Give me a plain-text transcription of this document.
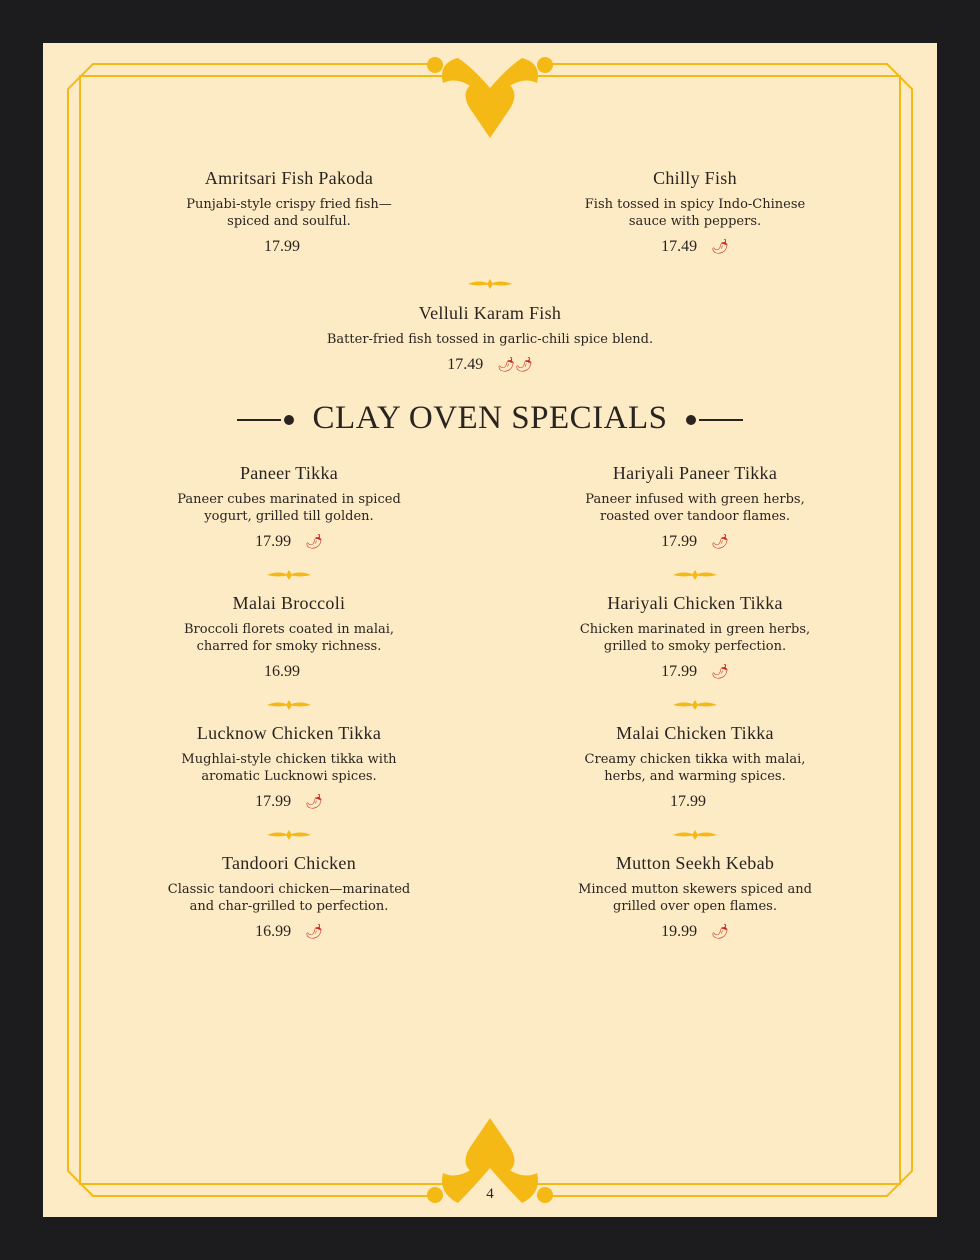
Amritsari Fish Pakoda
Punjabi-style crispy fried fish—
spiced and soulful.
17.99
Chilly Fish
Fish tossed in spicy Indo-Chinese
sauce with peppers.
17.49 🌶
Velluli Karam Fish
Batter-fried fish tossed in garlic-chili spice blend.

17.49 🌶🌶
Paneer Tikka
Paneer cubes marinated in spiced
yogurt, grilled till golden.
17.99 🌶
Hariyali Paneer Tikka
Paneer infused with green herbs,
roasted over tandoor flames.
17.99 🌶
Malai Broccoli
Broccoli florets coated in malai,
charred for smoky richness.
16.99
Hariyali Chicken Tikka
Chicken marinated in green herbs,
grilled to smoky perfection.
17.99 🌶
Lucknow Chicken Tikka
Mughlai-style chicken tikka with
aromatic Lucknowi spices.
17.99 🌶
Malai Chicken Tikka
Creamy chicken tikka with malai,
herbs, and warming spices.
17.99
Tandoori Chicken
Classic tandoori chicken—marinated
and char-grilled to perfection.
16.99 🌶
Mutton Seekh Kebab
Minced mutton skewers spiced and
grilled over open flames.
19.99 🌶
CLAY OVEN SPECIALS
4
